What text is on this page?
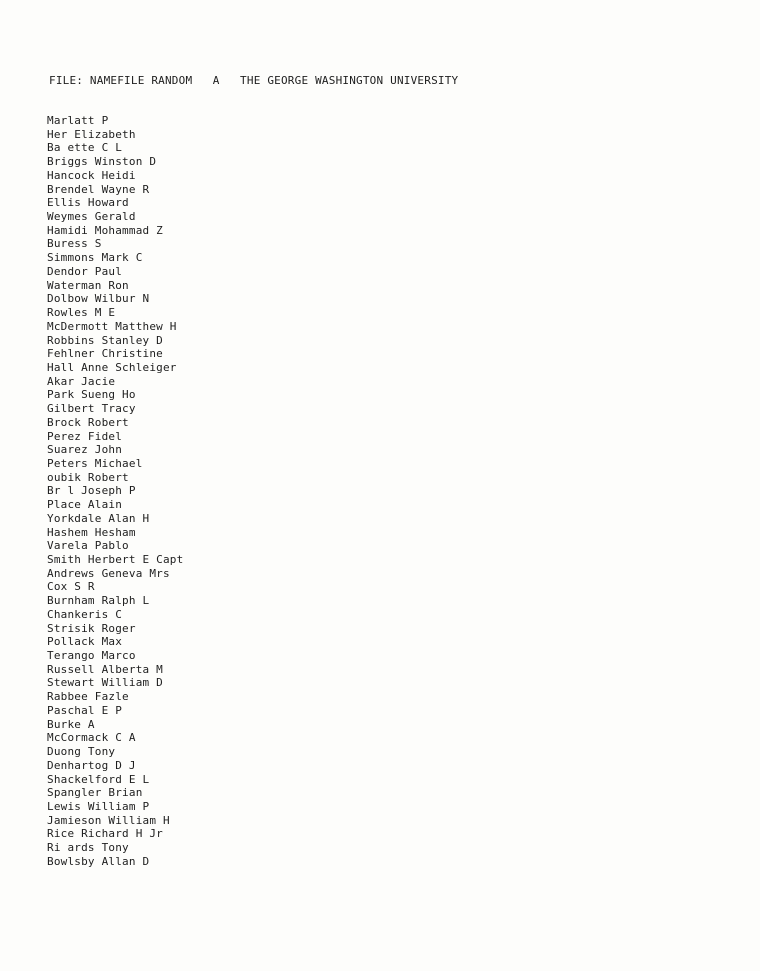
FILE: NAMEFILE RANDOM A THE GEORGE WASHINGTON UNIVERSITY
Marlatt P
Her Elizabeth
Ba ette C L
Briggs Winston D
Hancock Heidi
Brendel Wayne R
Ellis Howard
Weymes Gerald
Hamidi Mohammad Z
Buress S
Simmons Mark C
Dendor Paul
Waterman Ron
Dolbow Wilbur N
Rowles M E
McDermott Matthew H
Robbins Stanley D
Fehlner Christine
Hall Anne Schleiger
Akar Jacie
Park Sueng Ho
Gilbert Tracy
Brock Robert
Perez Fidel
Suarez John
Peters Michael
oubik Robert
Br l Joseph P
Place Alain
Yorkdale Alan H
Hashem Hesham
Varela Pablo
Smith Herbert E Capt
Andrews Geneva Mrs
Cox S R
Burnham Ralph L
Chankeris C
Strisik Roger
Pollack Max
Terango Marco
Russell Alberta M
Stewart William D
Rabbee Fazle
Paschal E P
Burke A
McCormack C A
Duong Tony
Denhartog D J
Shackelford E L
Spangler Brian
Lewis William P
Jamieson William H
Rice Richard H Jr
Ri ards Tony
Bowlsby Allan D
